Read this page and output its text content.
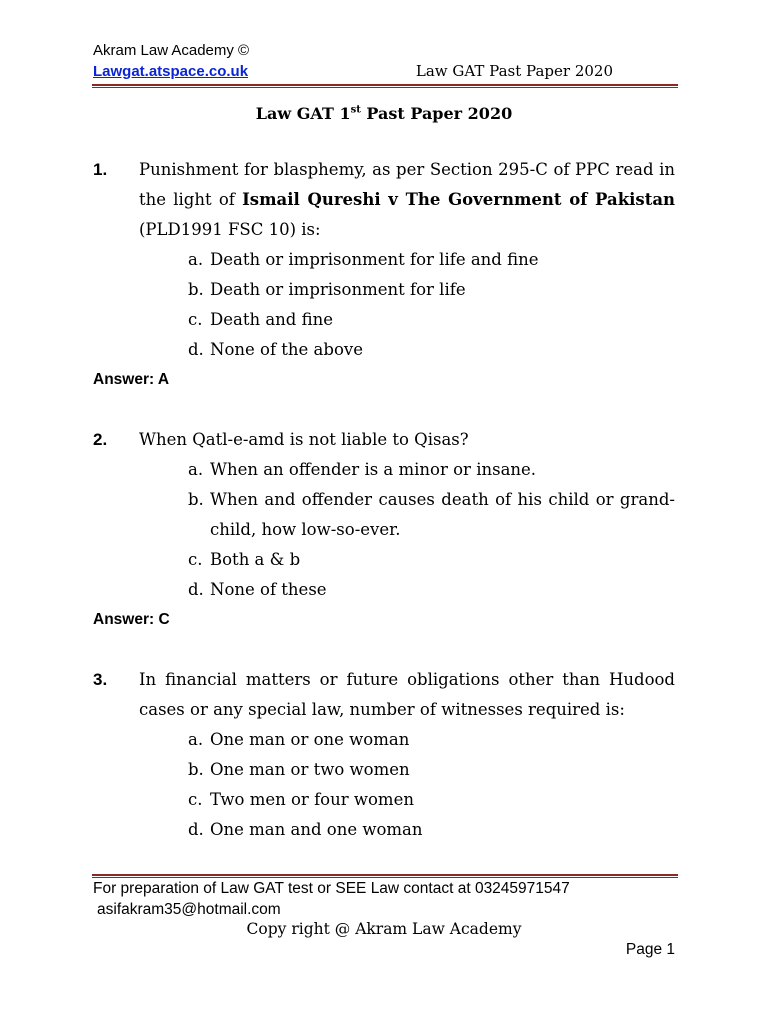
Akram Law Academy ©
Lawgat.atspace.co.uk	Law GAT Past Paper 2020
Law GAT 1st Past Paper 2020
1. Punishment for blasphemy, as per Section 295-C of PPC read in the light of Ismail Qureshi v The Government of Pakistan (PLD1991 FSC 10) is:
a. Death or imprisonment for life and fine
b. Death or imprisonment for life
c. Death and fine
d. None of the above
Answer: A
2. When Qatl-e-amd is not liable to Qisas?
a. When an offender is a minor or insane.
b. When and offender causes death of his child or grand-child, how low-so-ever.
c. Both a & b
d. None of these
Answer: C
3. In financial matters or future obligations other than Hudood cases or any special law, number of witnesses required is:
a. One man or one woman
b. One man or two women
c. Two men or four women
d. One man and one woman
For preparation of Law GAT test or SEE Law contact at 03245971547
asifakram35@hotmail.com
Copy right @ Akram Law Academy
Page 1
